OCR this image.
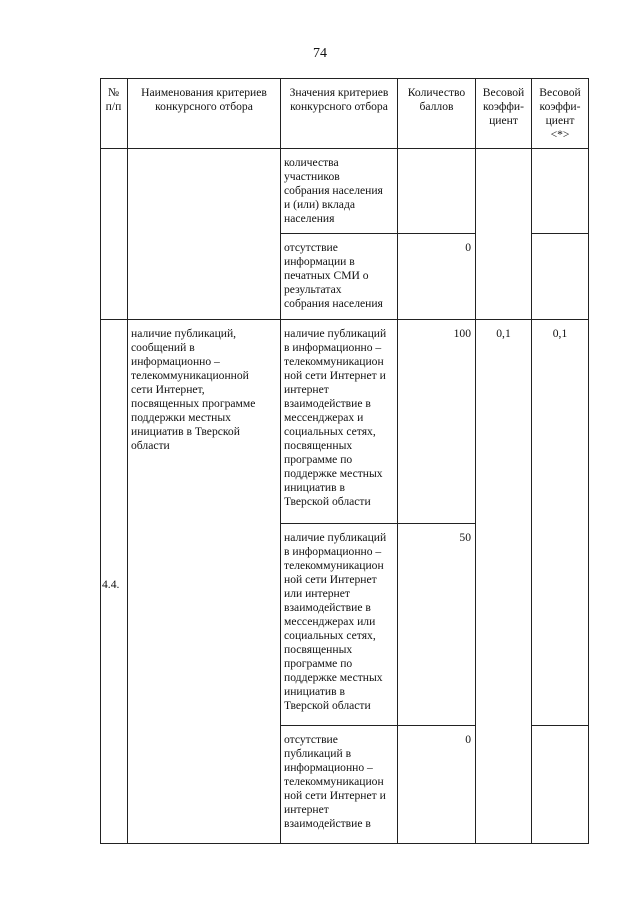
74
№
п/п
Наименования критериев
конкурсного отбора
Значения критериев
конкурсного отбора
Количество
баллов
Весовой
коэффи-
циент
Весовой
коэффи-
циент
<*>
количества
участников
собрания населения
и (или) вклада
населения
отсутствие
информации в
печатных СМИ о
результатах
собрания населения
0
4.4.
наличие публикаций,
сообщений в
информационно –
телекоммуникационной
сети Интернет,
посвященных программе
поддержки местных
инициатив в Тверской
области
наличие публикаций
в информационно –
телекоммуникацион
ной сети Интернет и
интернет
взаимодействие в
мессенджерах и
социальных сетях,
посвященных
программе по
поддержке местных
инициатив в
Тверской области
100	0,1	0,1
наличие публикаций
в информационно –
телекоммуникацион
ной сети Интернет
или интернет
взаимодействие в
мессенджерах или
социальных сетях,
посвященных
программе по
поддержке местных
инициатив в
Тверской области
50
отсутствие
публикаций в
информационно –
телекоммуникацион
ной сети Интернет и
интернет
взаимодействие в
0
